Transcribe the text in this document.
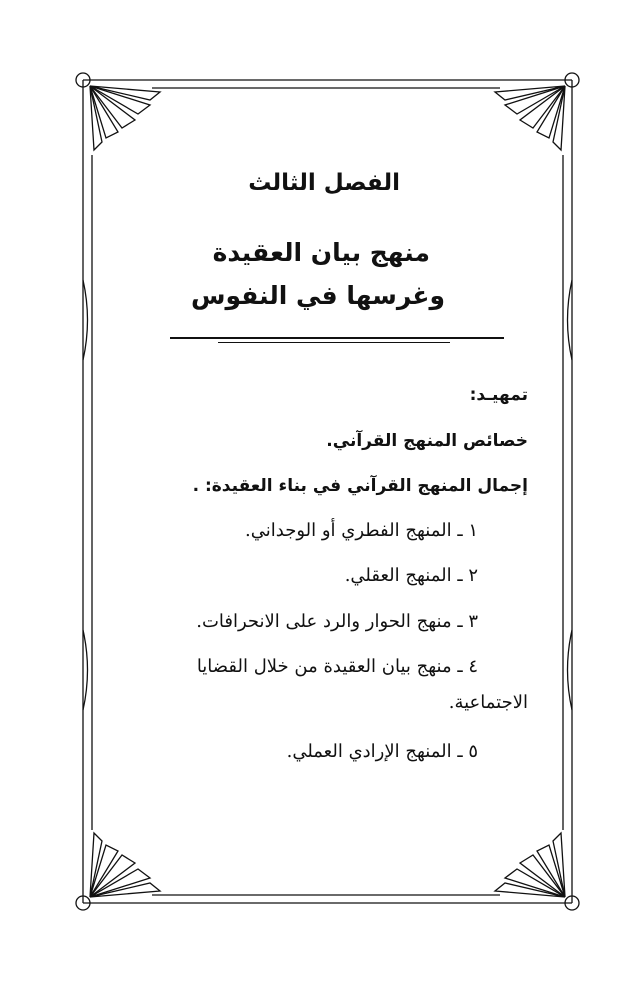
الفصل الثالث
منهج بيان العقيدة
وغرسها في النفوس
تمهيـد:
خصائص المنهج القرآني.
إجمال المنهج القرآني في بناء العقيدة: .
١ ـ المنهج الفطري أو الوجداني.
٢ ـ المنهج العقلي.
٣ ـ منهج الحوار والرد على الانحرافات.
٤ ـ منهج بيان العقيدة من خلال القضايا
الاجتماعية.
٥ ـ المنهج الإرادي العملي.
